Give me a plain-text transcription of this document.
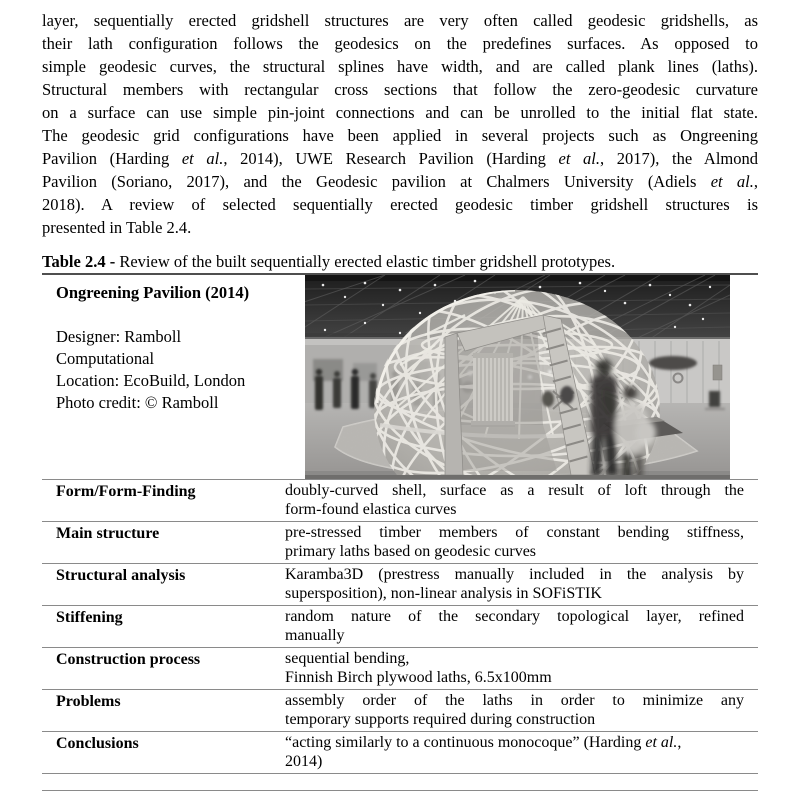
layer, sequentially erected gridshell structures are very often called geodesic gridshells, as
their lath configuration follows the geodesics on the predefines surfaces. As opposed to
simple geodesic curves, the structural splines have width, and are called plank lines (laths).
Structural members with rectangular cross sections that follow the zero-geodesic curvature
on a surface can use simple pin-joint connections and can be unrolled to the initial flat state.
The geodesic grid configurations have been applied in several projects such as Ongreening
Pavilion (Harding et al., 2014), UWE Research Pavilion (Harding et al., 2017), the Almond
Pavilion (Soriano, 2017), and the Geodesic pavilion at Chalmers University (Adiels et al.,
2018). A review of selected sequentially erected geodesic timber gridshell structures is
presented in Table 2.4.
Table 2.4 - Review of the built sequentially erected elastic timber gridshell prototypes.
Ongreening Pavilion (2014)
Designer: Ramboll
Computational
Location: EcoBuild, London
Photo credit: © Ramboll
Form/Form-Finding	doubly-curved shell, surface as a result of loft through the
form-found elastica curves
Main structure	pre-stressed timber members of constant bending stiffness,
primary laths based on geodesic curves
Structural analysis	Karamba3D (prestress manually included in the analysis by
supersposition), non-linear analysis in SOFiSTIK
Stiffening	random nature of the secondary topological layer, refined
manually
Construction process	sequential bending,
Finnish Birch plywood laths, 6.5x100mm
Problems	assembly order of the laths in order to minimize any
temporary supports required during construction
Conclusions	“acting similarly to a continuous monocoque” (Harding et al.,
2014)
